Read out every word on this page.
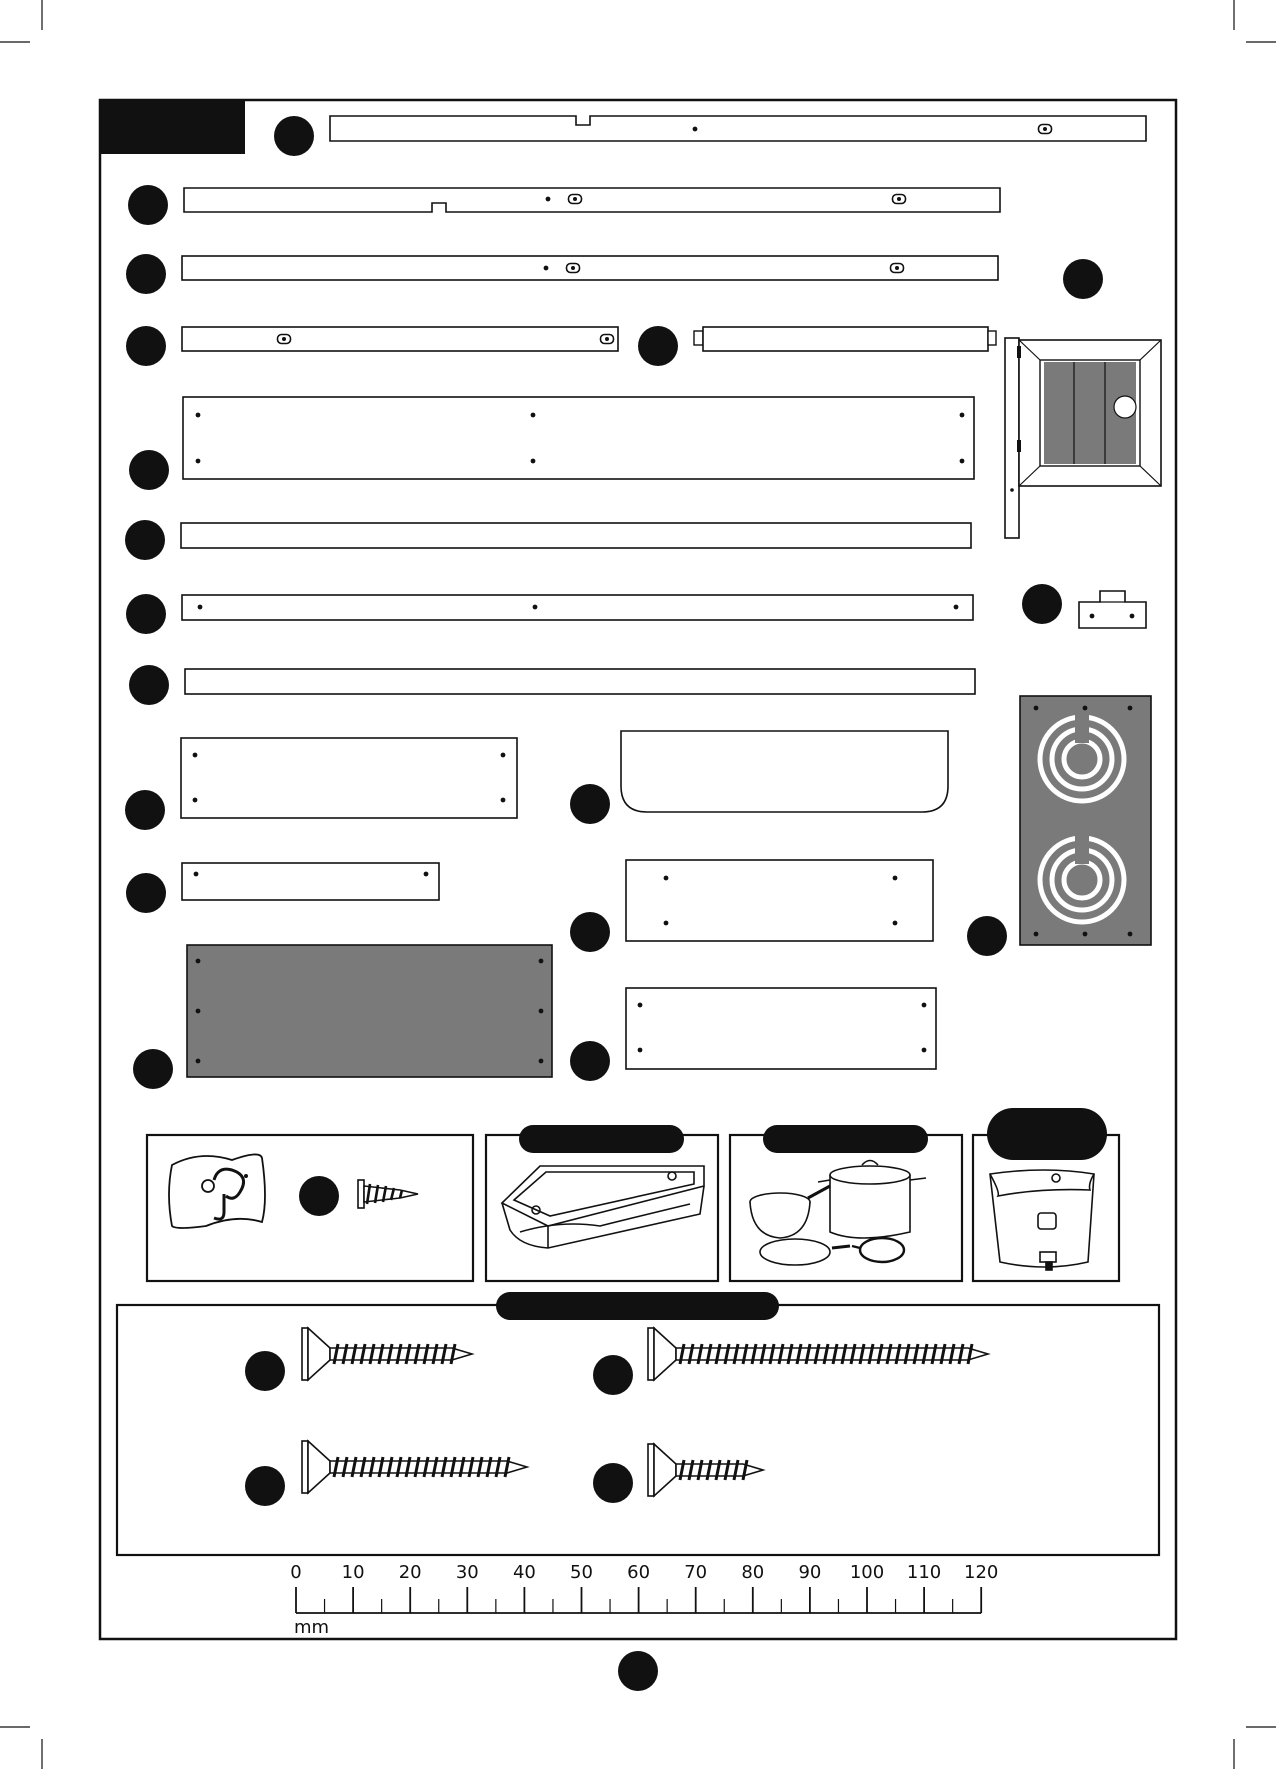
0 10 20 30 40 50 60 70 80 90 100 110 120
mm
